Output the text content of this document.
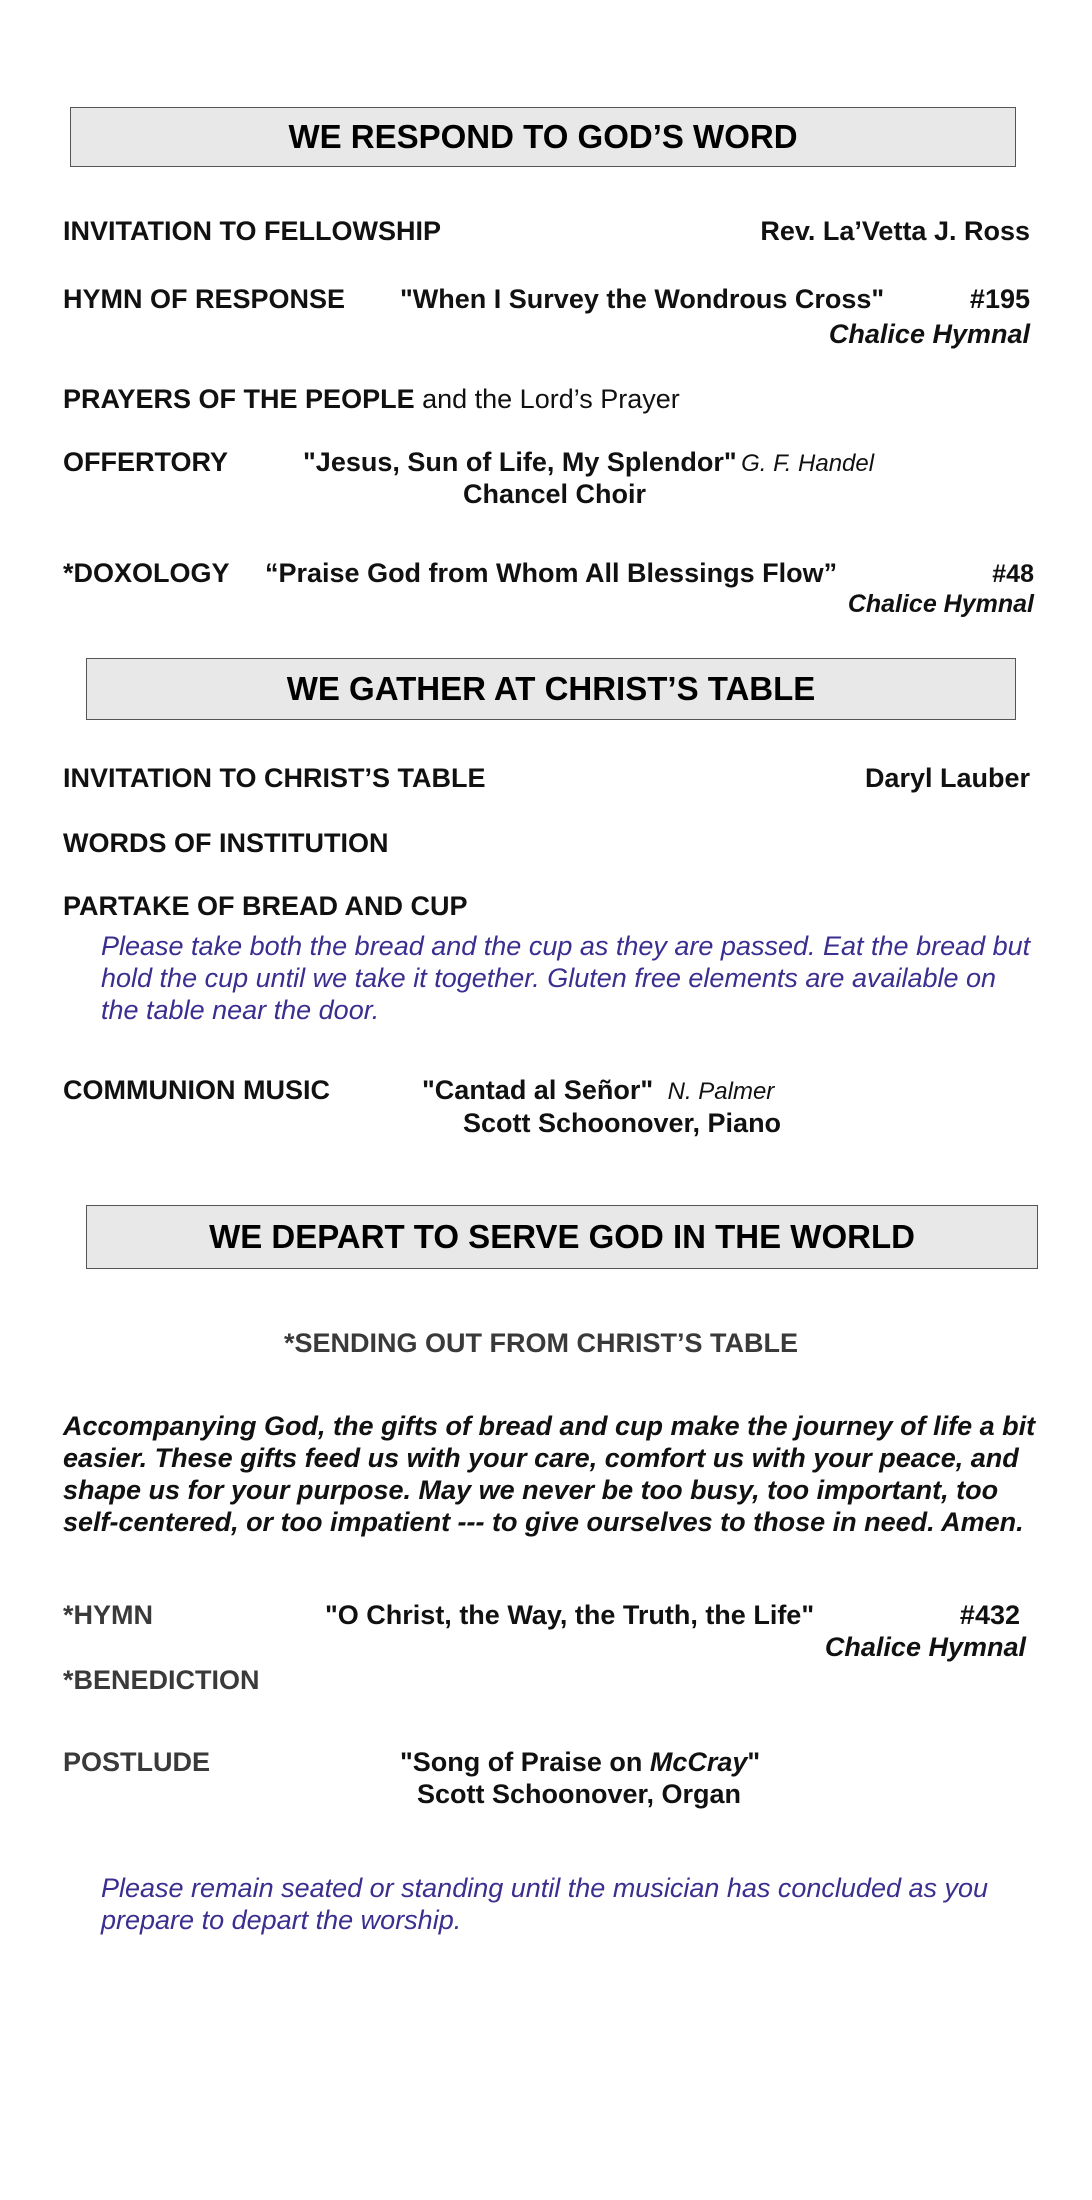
WE RESPOND TO GOD’S WORD
INVITATION TO FELLOWSHIP	Rev. La’Vetta J. Ross
HYMN OF RESPONSE "When I Survey the Wondrous Cross"	#195
Chalice Hymnal
PRAYERS OF THE PEOPLE and the Lord’s Prayer
OFFERTORY	"Jesus, Sun of Life, My Splendor" G. F. Handel
Chancel Choir
*DOXOLOGY “Praise God from Whom All Blessings Flow”	#48
Chalice Hymnal
WE GATHER AT CHRIST’S TABLE
INVITATION TO CHRIST’S TABLE	Daryl Lauber
WORDS OF INSTITUTION
PARTAKE OF BREAD AND CUP
Please take both the bread and the cup as they are passed. Eat the bread but hold the cup until we take it together. Gluten free elements are available on the table near the door.
COMMUNION MUSIC	"Cantad al Señor" N. Palmer
Scott Schoonover, Piano
WE DEPART TO SERVE GOD IN THE WORLD
*SENDING OUT FROM CHRIST’S TABLE
Accompanying God, the gifts of bread and cup make the journey of life a bit easier. These gifts feed us with your care, comfort us with your peace, and shape us for your purpose. May we never be too busy, too important, too self-centered, or too impatient --- to give ourselves to those in need. Amen.
*HYMN	"O Christ, the Way, the Truth, the Life"	#432
Chalice Hymnal
*BENEDICTION
POSTLUDE	"Song of Praise on McCray"
Scott Schoonover, Organ
Please remain seated or standing until the musician has concluded as you prepare to depart the worship.
